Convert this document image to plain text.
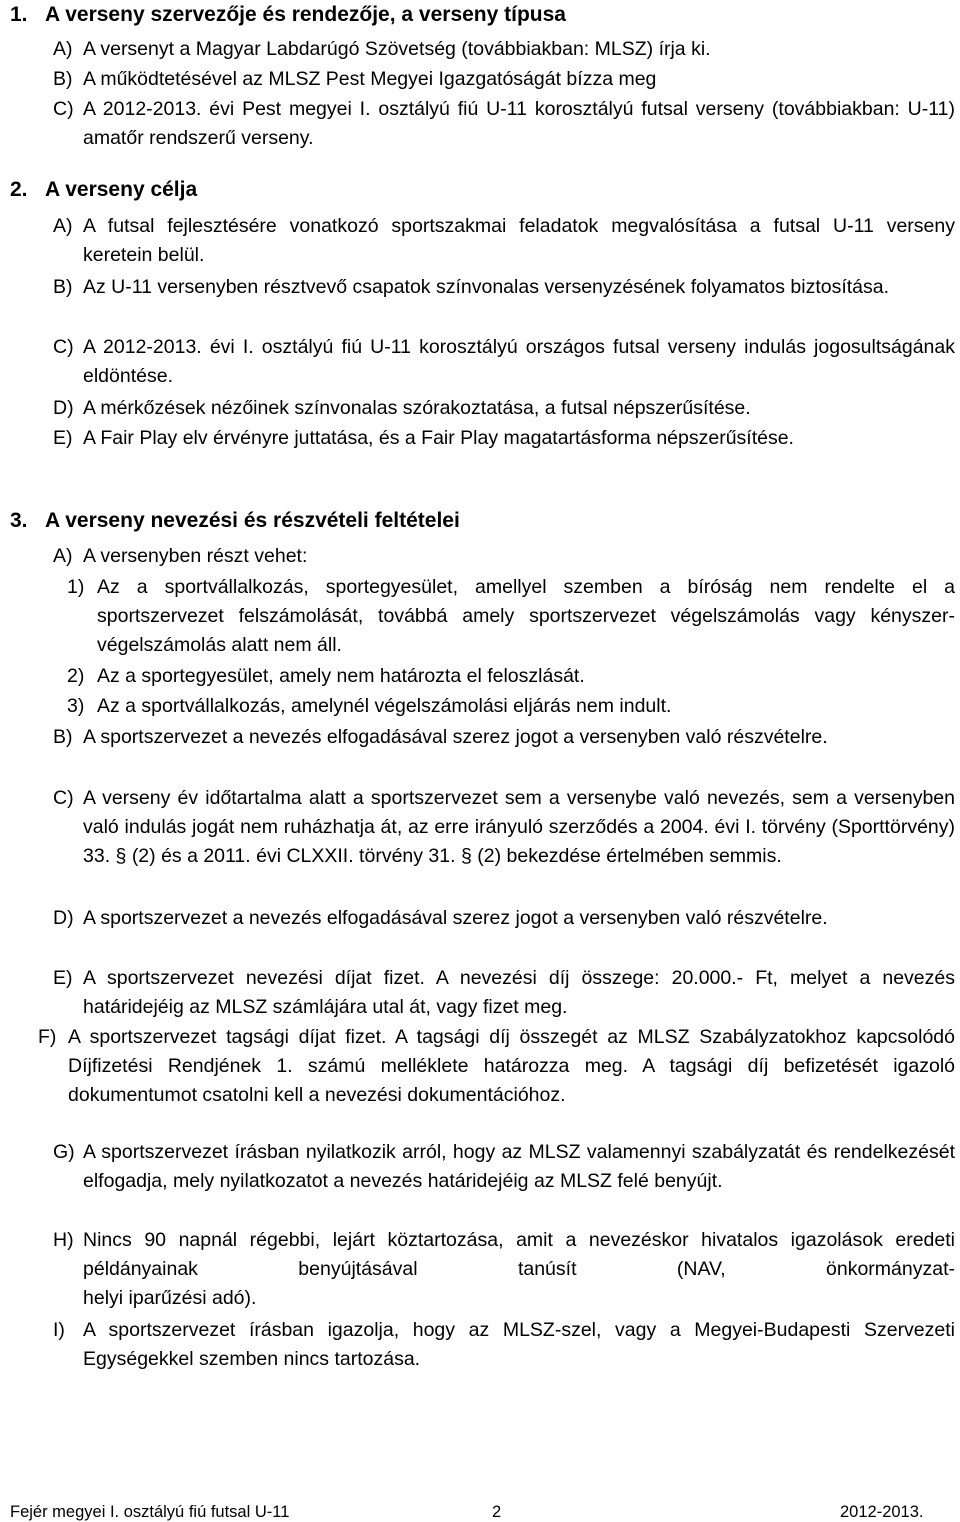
1. A verseny szervezője és rendezője, a verseny típusa
A) A versenyt a Magyar Labdarúgó Szövetség (továbbiakban: MLSZ) írja ki.
B) A működtetésével az MLSZ Pest Megyei Igazgatóságát bízza meg
C) A 2012-2013. évi Pest megyei I. osztályú fiú U-11 korosztályú futsal verseny (továbbiakban: U-11) amatőr rendszerű verseny.
2. A verseny célja
A) A futsal fejlesztésére vonatkozó sportszakmai feladatok megvalósítása a futsal U-11 verseny keretein belül.
B) Az U-11 versenyben résztvevő csapatok színvonalas versenyzésének folyamatos biztosítása.
C) A 2012-2013. évi I. osztályú fiú U-11 korosztályú országos futsal verseny indulás jogosultságának eldöntése.
D) A mérkőzések nézőinek színvonalas szórakoztatása, a futsal népszerűsítése.
E) A Fair Play elv érvényre juttatása, és a Fair Play magatartásforma népszerűsítése.
3. A verseny nevezési és részvételi feltételei
A) A versenyben részt vehet:
1) Az a sportvállalkozás, sportegyesület, amellyel szemben a bíróság nem rendelte el a sportszervezet felszámolását, továbbá amely sportszervezet végelszámolás vagy kényszer-végelszámolás alatt nem áll.
2) Az a sportegyesület, amely nem határozta el feloszlását.
3) Az a sportvállalkozás, amelynél végelszámolási eljárás nem indult.
B) A sportszervezet a nevezés elfogadásával szerez jogot a versenyben való részvételre.
C) A verseny év időtartalma alatt a sportszervezet sem a versenybe való nevezés, sem a versenyben való indulás jogát nem ruházhatja át, az erre irányuló szerződés a 2004. évi I. törvény (Sporttörvény) 33. § (2) és a 2011. évi CLXXII. törvény 31. § (2) bekezdése értelmében semmis.
D) A sportszervezet a nevezés elfogadásával szerez jogot a versenyben való részvételre.
E) A sportszervezet nevezési díjat fizet. A nevezési díj összege: 20.000.- Ft, melyet a nevezés határidejéig az MLSZ számlájára utal át, vagy fizet meg.
F) A sportszervezet tagsági díjat fizet. A tagsági díj összegét az MLSZ Szabályzatokhoz kapcsolódó Díjfizetési Rendjének 1. számú melléklete határozza meg. A tagsági díj befizetését igazoló dokumentumot csatolni kell a nevezési dokumentációhoz.
G) A sportszervezet írásban nyilatkozik arról, hogy az MLSZ valamennyi szabályzatát és rendelkezését elfogadja, mely nyilatkozatot a nevezés határidejéig az MLSZ felé benyújt.
H) Nincs 90 napnál régebbi, lejárt köztartozása, amit a nevezéskor hivatalos igazolások eredeti példányainak benyújtásával tanúsít (NAV, önkormányzat-
helyi iparűzési adó).
I) A sportszervezet írásban igazolja, hogy az MLSZ-szel, vagy a Megyei-Budapesti Szervezeti Egységekkel szemben nincs tartozása.
Fejér megyei I. osztályú fiú futsal U-11	2	2012-2013.
